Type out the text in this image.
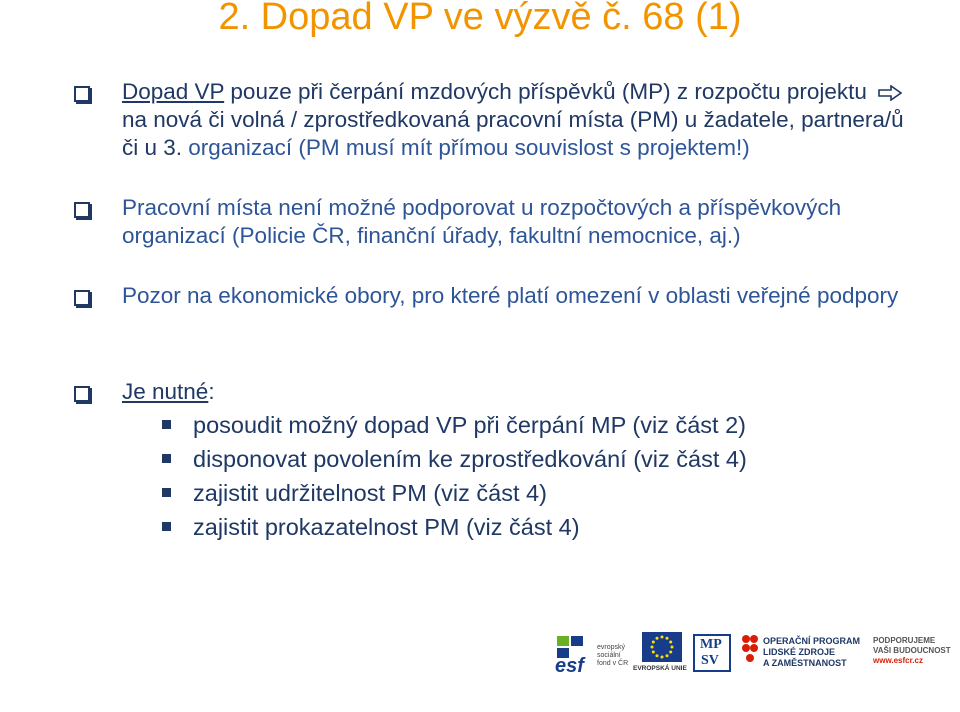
2. Dopad VP ve výzvě č. 68 (1)
Dopad VP pouze při čerpání mzdových příspěvků (MP) z rozpočtu projektu  na nová či volná / zprostředkovaná pracovní místa (PM) u žadatele, partnera/ů či u 3. organizací (PM musí mít přímou souvislost s projektem!)
Pracovní místa není možné podporovat u rozpočtových a příspěvkových organizací (Policie ČR, finanční úřady, fakultní nemocnice, aj.)
Pozor na ekonomické obory, pro které platí omezení v oblasti veřejné podpory
Je nutné:
posoudit možný dopad VP při čerpání MP (viz část 2)
disponovat povolením ke zprostředkování (viz část 4)
zajistit udržitelnost PM (viz část 4)
zajistit prokazatelnost PM (viz část 4)
esf
evropský
sociální
fond v ČR
EVROPSKÁ UNIE
MP
SV
OPERAČNÍ PROGRAM
LIDSKÉ ZDROJE
A ZAMĚSTNANOST
PODPORUJEME
VAŠI BUDOUCNOST
www.esfcr.cz
